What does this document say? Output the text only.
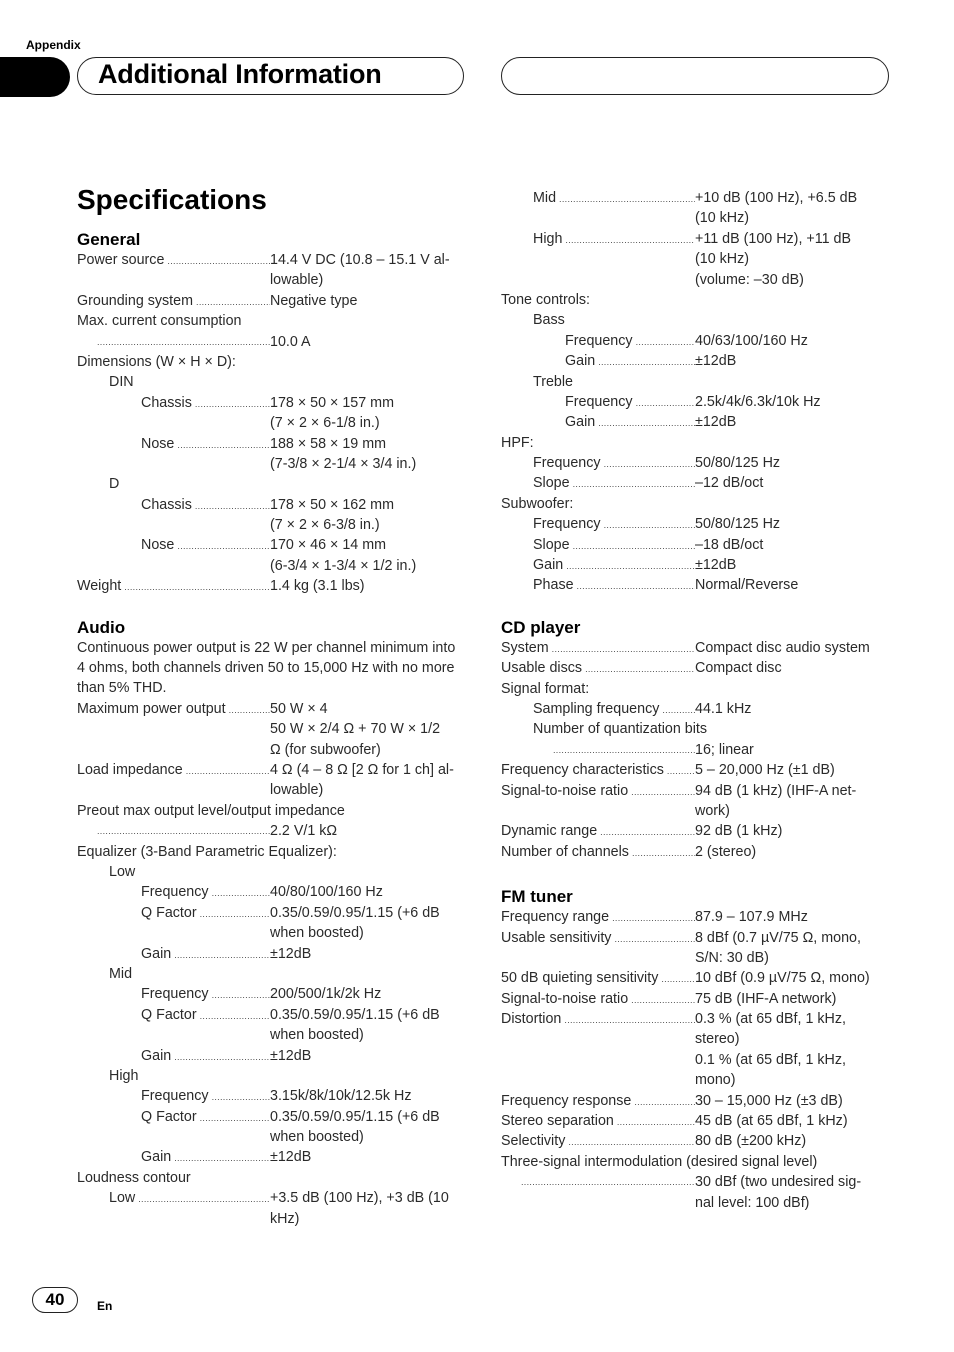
Appendix
Additional Information
Specifications
General
Power source .....	14.4 V DC (10.8 – 15.1 V al-
lowable)
Grounding system .....	Negative type
Max. current consumption
.....
10.0 A
Dimensions (W × H × D):
DIN
Chassis .....	178 × 50 × 157 mm
(7 × 2 × 6-1/8 in.)
Nose .....	188 × 58 × 19 mm
(7-3/8 × 2-1/4 × 3/4 in.)
D
Chassis .....	178 × 50 × 162 mm
(7 × 2 × 6-3/8 in.)
Nose .....	170 × 46 × 14 mm
(6-3/4 × 1-3/4 × 1/2 in.)
Weight .....	1.4 kg (3.1 lbs)
Audio
Continuous power output is 22 W per channel minimum into 4 ohms, both channels driven 50 to 15,000 Hz with no more than 5% THD.
Maximum power output .....	50 W × 4
50 W × 2/4 Ω + 70 W × 1/2
Ω (for subwoofer)
Load impedance .....	4 Ω (4 – 8 Ω [2 Ω for 1 ch] al-
lowable)
Preout max output level/output impedance
.....
2.2 V/1 kΩ
Equalizer (3-Band Parametric Equalizer):
Low
Frequency .....	40/80/100/160 Hz
Q Factor .....	0.35/0.59/0.95/1.15 (+6 dB
when boosted)
Gain .....	±12dB
Mid
Frequency .....	200/500/1k/2k Hz
Q Factor .....	0.35/0.59/0.95/1.15 (+6 dB
when boosted)
Gain .....	±12dB
High
Frequency .....	3.15k/8k/10k/12.5k Hz
Q Factor .....	0.35/0.59/0.95/1.15 (+6 dB
when boosted)
Gain .....	±12dB
Loudness contour
Low .....	+3.5 dB (100 Hz), +3 dB (10
kHz)
Mid .....	+10 dB (100 Hz), +6.5 dB
(10 kHz)
High .....	+11 dB (100 Hz), +11 dB
(10 kHz)
(volume: –30 dB)
Tone controls:
Bass
Frequency .....	40/63/100/160 Hz
Gain .....	±12dB
Treble
Frequency .....	2.5k/4k/6.3k/10k Hz
Gain .....	±12dB
HPF:
Frequency .....	50/80/125 Hz
Slope .....	–12 dB/oct
Subwoofer:
Frequency .....	50/80/125 Hz
Slope .....	–18 dB/oct
Gain .....	±12dB
Phase .....	Normal/Reverse
CD player
System .....	Compact disc audio system
Usable discs .....	Compact disc
Signal format:
Sampling frequency ..... 44.1 kHz
Number of quantization bits
.....
16; linear
Frequency characteristics ..... 5 – 20,000 Hz (±1 dB)
Signal-to-noise ratio .....	94 dB (1 kHz) (IHF-A net-
work)
Dynamic range .....	92 dB (1 kHz)
Number of channels .....	2 (stereo)
FM tuner
Frequency range .....	87.9 – 107.9 MHz
Usable sensitivity .....	8 dBf (0.7 µV/75 Ω, mono,
S/N: 30 dB)
50 dB quieting sensitivity .....	10 dBf (0.9 µV/75 Ω, mono)
Signal-to-noise ratio .....	75 dB (IHF-A network)
Distortion .....	0.3 % (at 65 dBf, 1 kHz,
stereo)
0.1 % (at 65 dBf, 1 kHz,
mono)
Frequency response .....	30 – 15,000 Hz (±3 dB)
Stereo separation .....	45 dB (at 65 dBf, 1 kHz)
Selectivity .....	80 dB (±200 kHz)
Three-signal intermodulation (desired signal level)
.....
30 dBf (two undesired sig-
nal level: 100 dBf)
40	En
